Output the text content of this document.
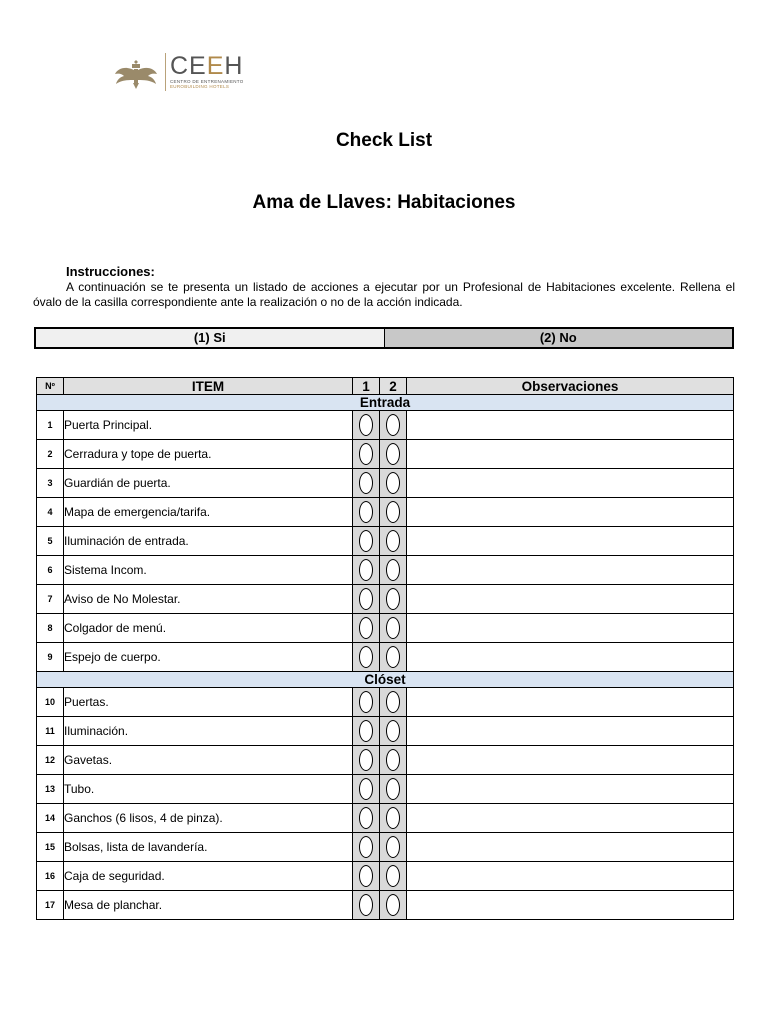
CEEH
CENTRO DE ENTRENAMIENTO
EUROBUILDING HOTELS
Check List
Ama de Llaves: Habitaciones
Instrucciones:
A continuación se te presenta un listado de acciones a ejecutar por un Profesional de Habitaciones excelente. Rellena el óvalo de la casilla correspondiente ante la realización o no de la acción indicada.
(1) Si	(2) No
Nº	ITEM	1	2	Observaciones
Entrada				
1	Puerta Principal.			
2	Cerradura y tope de puerta.			
3	Guardián de puerta.			
4	Mapa de emergencia/tarifa.			
5	Iluminación de entrada.			
6	Sistema Incom.			
7	Aviso de No Molestar.			
8	Colgador de menú.			
9	Espejo de cuerpo.			
Clóset				
10	Puertas.			
11	Iluminación.			
12	Gavetas.			
13	Tubo.			
14	Ganchos (6 lisos, 4 de pinza).			
15	Bolsas, lista de lavandería.			
16	Caja de seguridad.			
17	Mesa de planchar.			
